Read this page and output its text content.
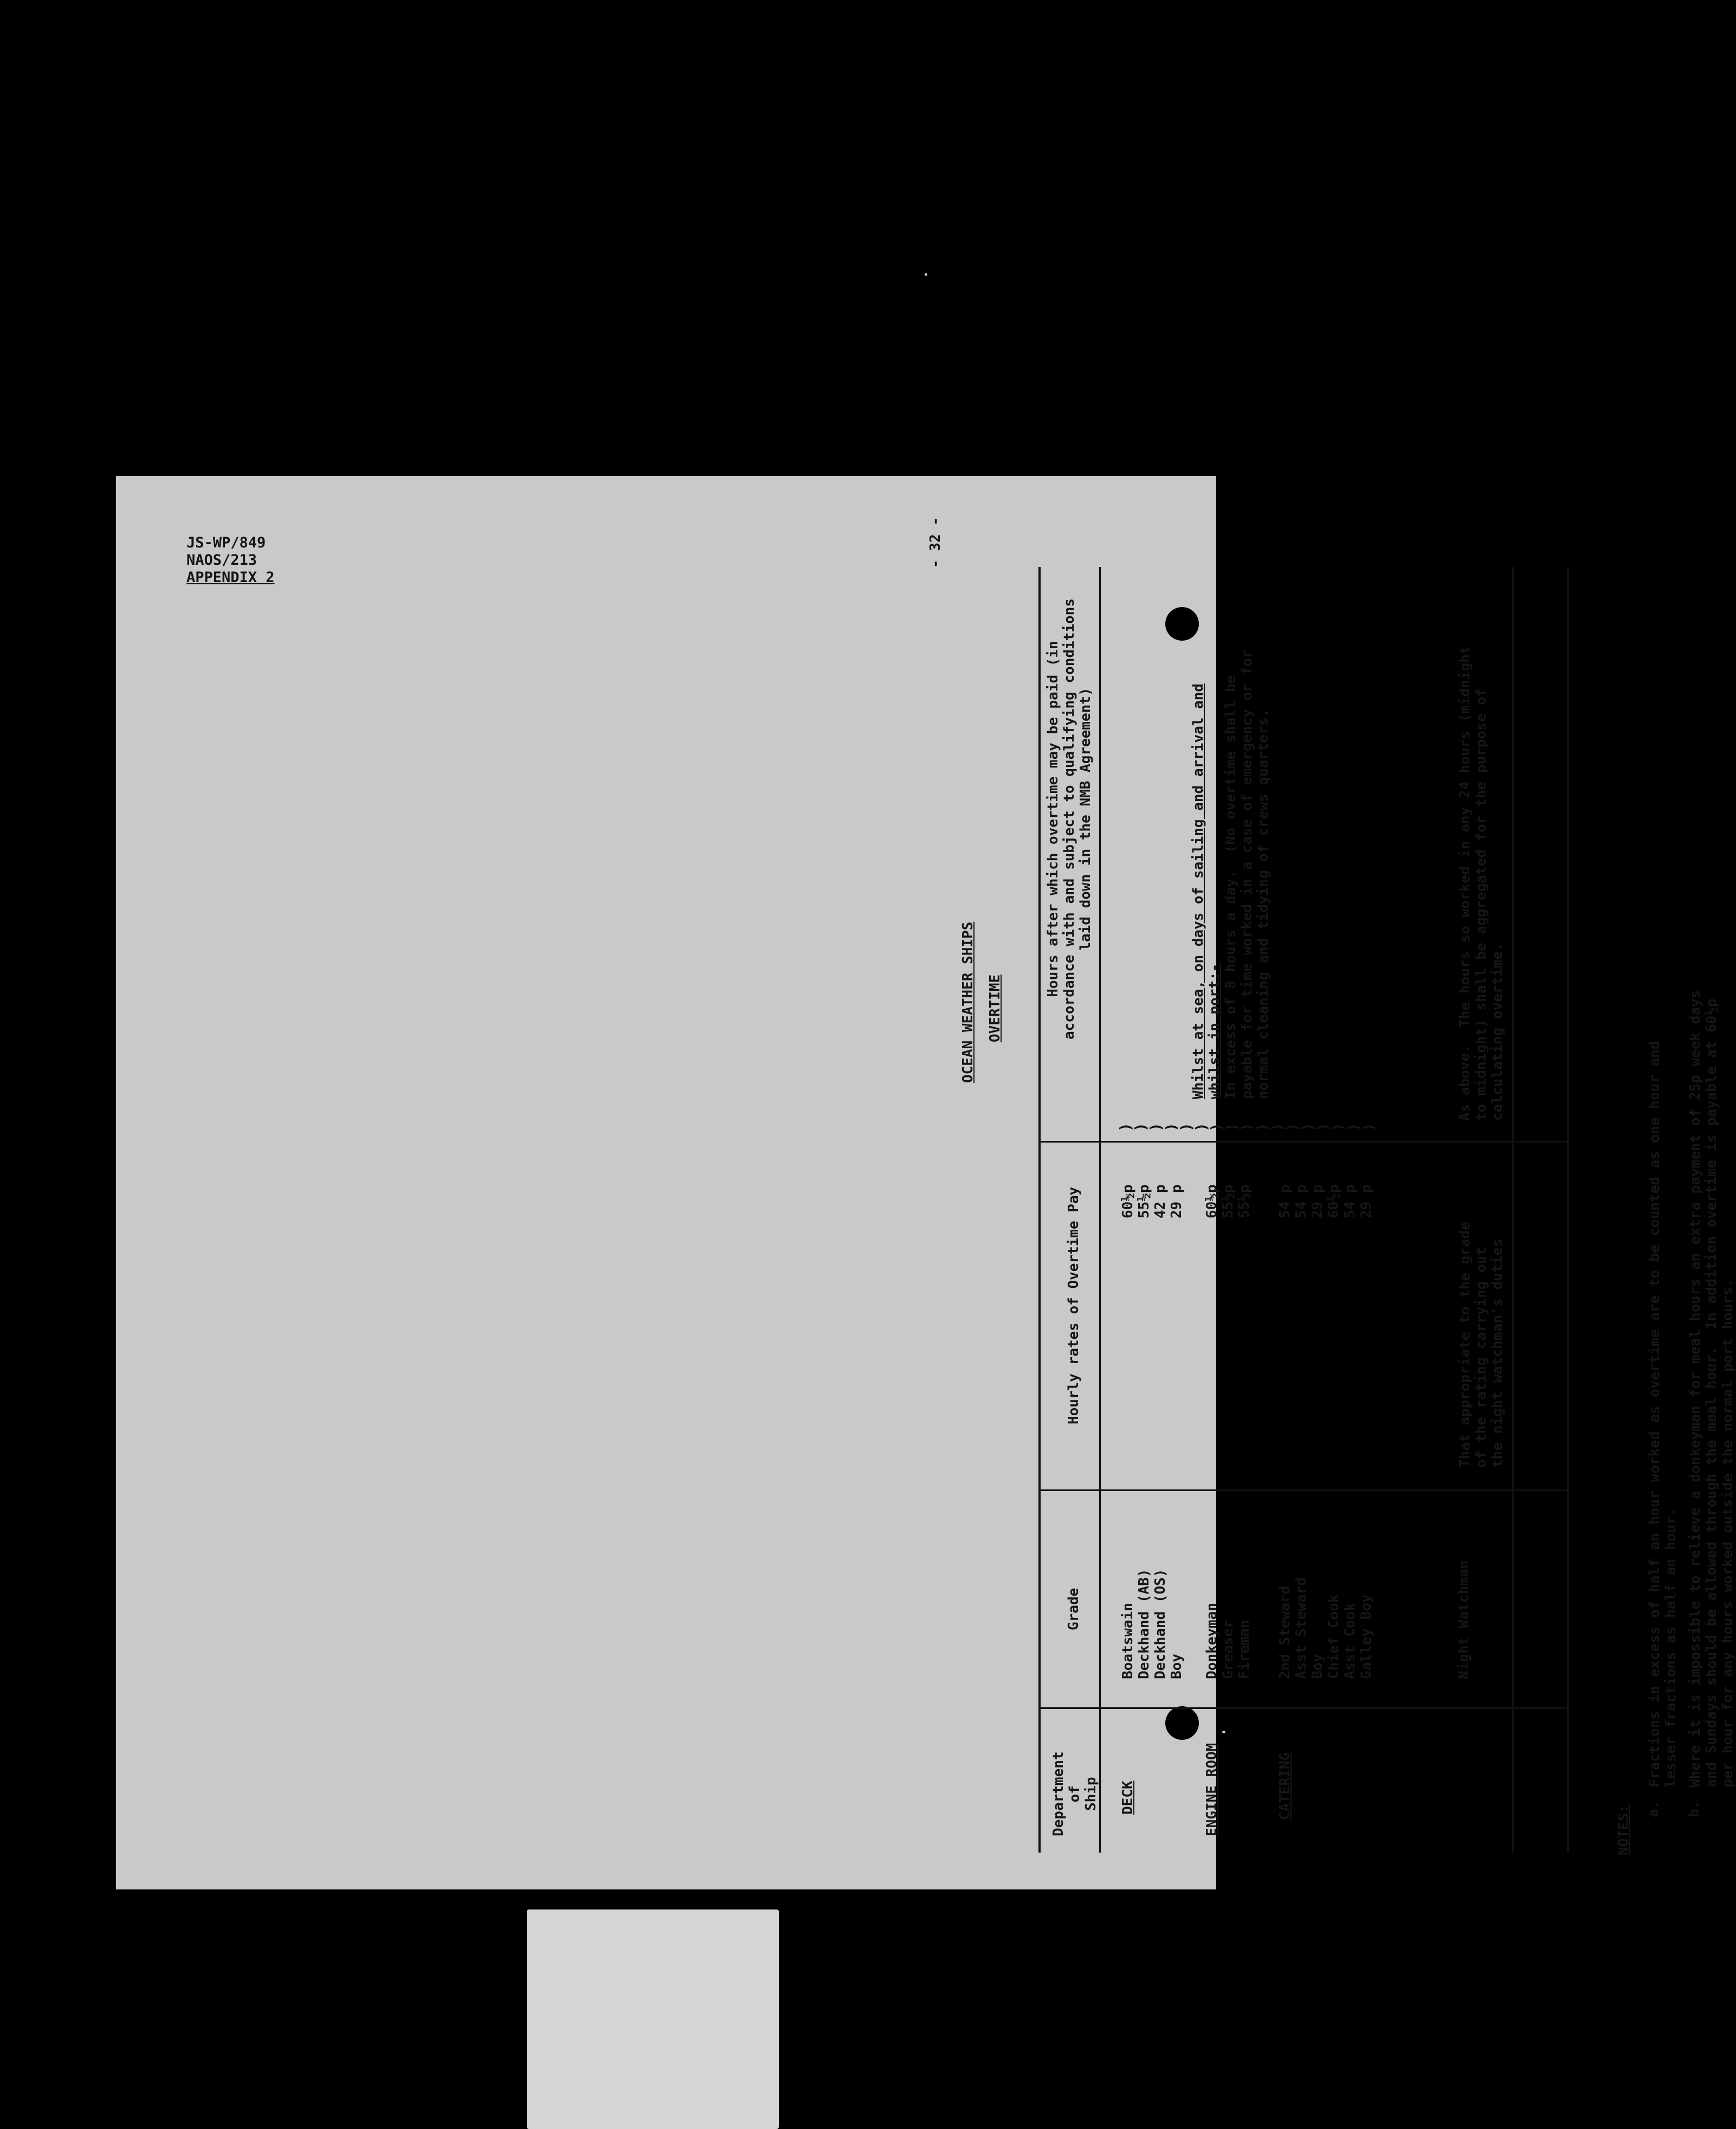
JS-WP/849
NAOS/213
APPENDIX 2
- 32 -
OCEAN WEATHER SHIPS OVERTIME
Department
of
Ship
Grade
Hourly rates of Overtime Pay
Hours after which overtime may be paid (in
accordance with and subject to qualifying conditions
laid down in the NMB Agreement)
DECK
Boatswain Deckhand (AB) Deckhand (OS) Boy
60½p 55½p 42 p 29 p
ENGINE ROOM
Donkeyman Greaser Fireman
60½p 55½p 55½p
CATERING
2nd Steward Asst Steward Boy Chief Cook Asst Cook Galley Boy
54 p 54 p 29 p 60½p 54 p 29 p
)
)
)
)
)
)
)
)
)
)
)
)
)
)
)
)
)
Whilst at sea, on days of sailing and arrival and whilst in port:- In excess of 8 hours a day.  (No overtime shall be payable for time worked in a case of emergency or for normal cleaning and tidying of crews quarters.
Night Watchman
That appropriate to the grade
of the rating carrying out
the night watchman's duties
As above.  The hours so worked in any 24 hours (midnight
to midnight) shall be aggregated for the purpose of
calculating overtime.
NOTES: a.
Fractions in excess of half an hour worked as overtime are to be counted as one hour and
lesser fractions as half an hour.
b.
Where it is impossible to relieve a donkeyman for meal hours an extra payment of 25p week days
and Sundays should be allowed through the meal hour.  In addition overtime is payable at 60½p
per hour for any hours worked outside the normal port hours.
